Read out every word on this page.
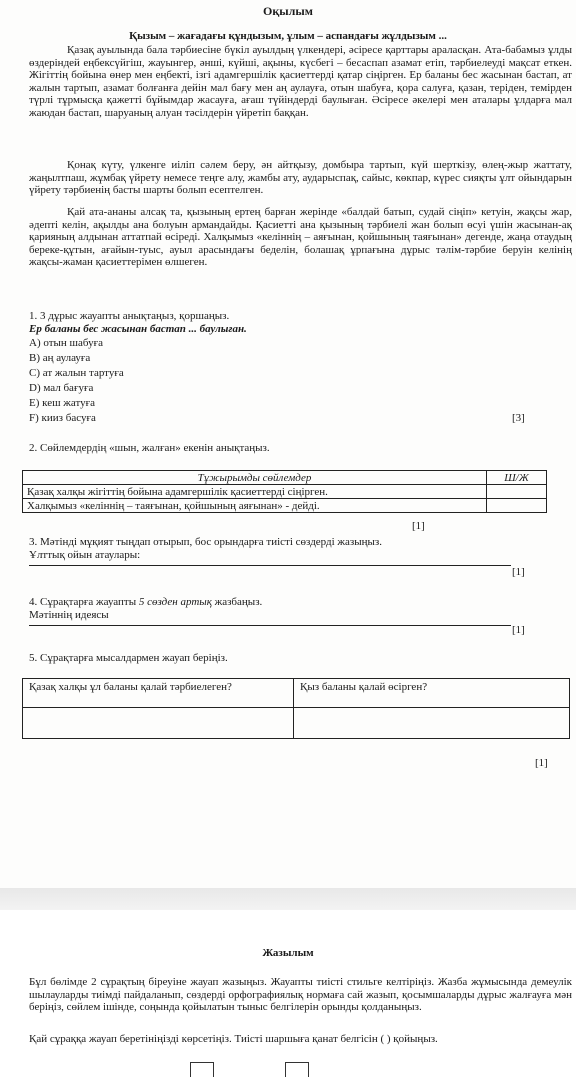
Оқылым
Қызым – жағадағы құндызым, ұлым – аспандағы жұлдызым ...
Қазақ ауылында бала тәрбиесіне бүкіл ауылдың үлкендері, әсіресе қарттары араласқан. Ата-бабамыз ұлды өздеріндей еңбексүйгіш, жауынгер, әнші, күйші, ақыны, күсбегі – бесаспап азамат етіп, тәрбиелеуді мақсат еткен. Жігіттің бойына өнер мен еңбекті, ізгі адамгершілік қасиеттерді қатар сіңірген. Ер баланы бес жасынан бастап, ат жалын тартып, азамат болғанға дейін мал бағу мен аң аулауға, отын шабуға, қора салуға, қазан, теріден, темірден түрлі тұрмысқа қажетті бұйымдар жасауға, ағаш түйіндерді баулыған. Әсіресе әкелері мен аталары ұлдарға мал жаюдан бастап, шаруаның алуан тәсілдерін үйретіп баққан.
Қонақ күту, үлкенге иіліп сәлем беру, ән айтқызу, домбыра тартып, күй шерткізу, өлең-жыр жаттату, жаңылтпаш, жұмбақ үйрету немесе теңге алу, жамбы ату, аударыспақ, сайыс, көкпар, күрес сияқты ұлт ойындарын үйрету тәрбиенің басты шарты болып есептелген.
Қай ата-ананы алсақ та, қызының ертең барған жерінде «балдай батып, судай сіңіп» кетуін, жақсы жар, әдепті келін, ақылды ана болуын армандайды. Қасиетті ана қызының тәрбиелі жан болып өсуі үшін жасынан-ақ қарияның алдынан аттатпай өсіреді. Халқымыз «келіннің – аяғынан, қойшының таяғынан» дегенде, жаңа отаудың береке-құтын, ағайын-туыс, ауыл арасындағы беделін, болашақ ұрпағына дұрыс тәлім-тәрбие беруін келінің жақсы-жаман қасиеттерімен өлшеген.
1. 3 дұрыс жауапты анықтаңыз, қоршаңыз.
Ер баланы бес жасынан бастап ... баулыған.
A) отын шабуға
B) аң аулауға
C) ат жалын тартуға
D) мал бағуға
E) кеш жатуға
F) кииз басуға	[3]
2. Сөйлемдердің «шын, жалған» екенін анықтаңыз.
Тұжырымды сөйлемдер	Ш/Ж
Қазақ халқы жігіттің бойына адамгершілік қасиеттерді сіңірген.	
Халқымыз «келіннің – таяғынан, қойшының аяғынан» - дейді.	
[1]
3. Мәтінді мұқият тыңдап отырып, бос орындарға тиісті сөздерді жазыңыз.
Ұлттық ойын атаулары:
[1]
4. Сұрақтарға жауапты 5 сөзден артық жазбаңыз.
Мәтіннің идеясы
[1]
5. Сұрақтарға мысалдармен жауап беріңіз.
Қазақ халқы ұл баланы қалай тәрбиелеген?	Қыз баланы қалай өсірген?

[1]
Жазылым
Бұл бөлімде 2 сұрақтың біреуіне жауап жазыңыз. Жауапты тиісті стильге келтіріңіз. Жазба жұмысында демеулік шылауларды тиімді пайдаланып, сөздерді орфографиялық нормаға сай жазып, қосымшаларды дұрыс жалғауға мән беріңіз, сөйлем ішінде, соңында қойылатын тыныс белгілерін орынды қолданыңыз.
Қай сұраққа жауап беретініңізді көрсетіңіз. Тиісті шаршыға қанат белгісін ( ) қойыңыз.
